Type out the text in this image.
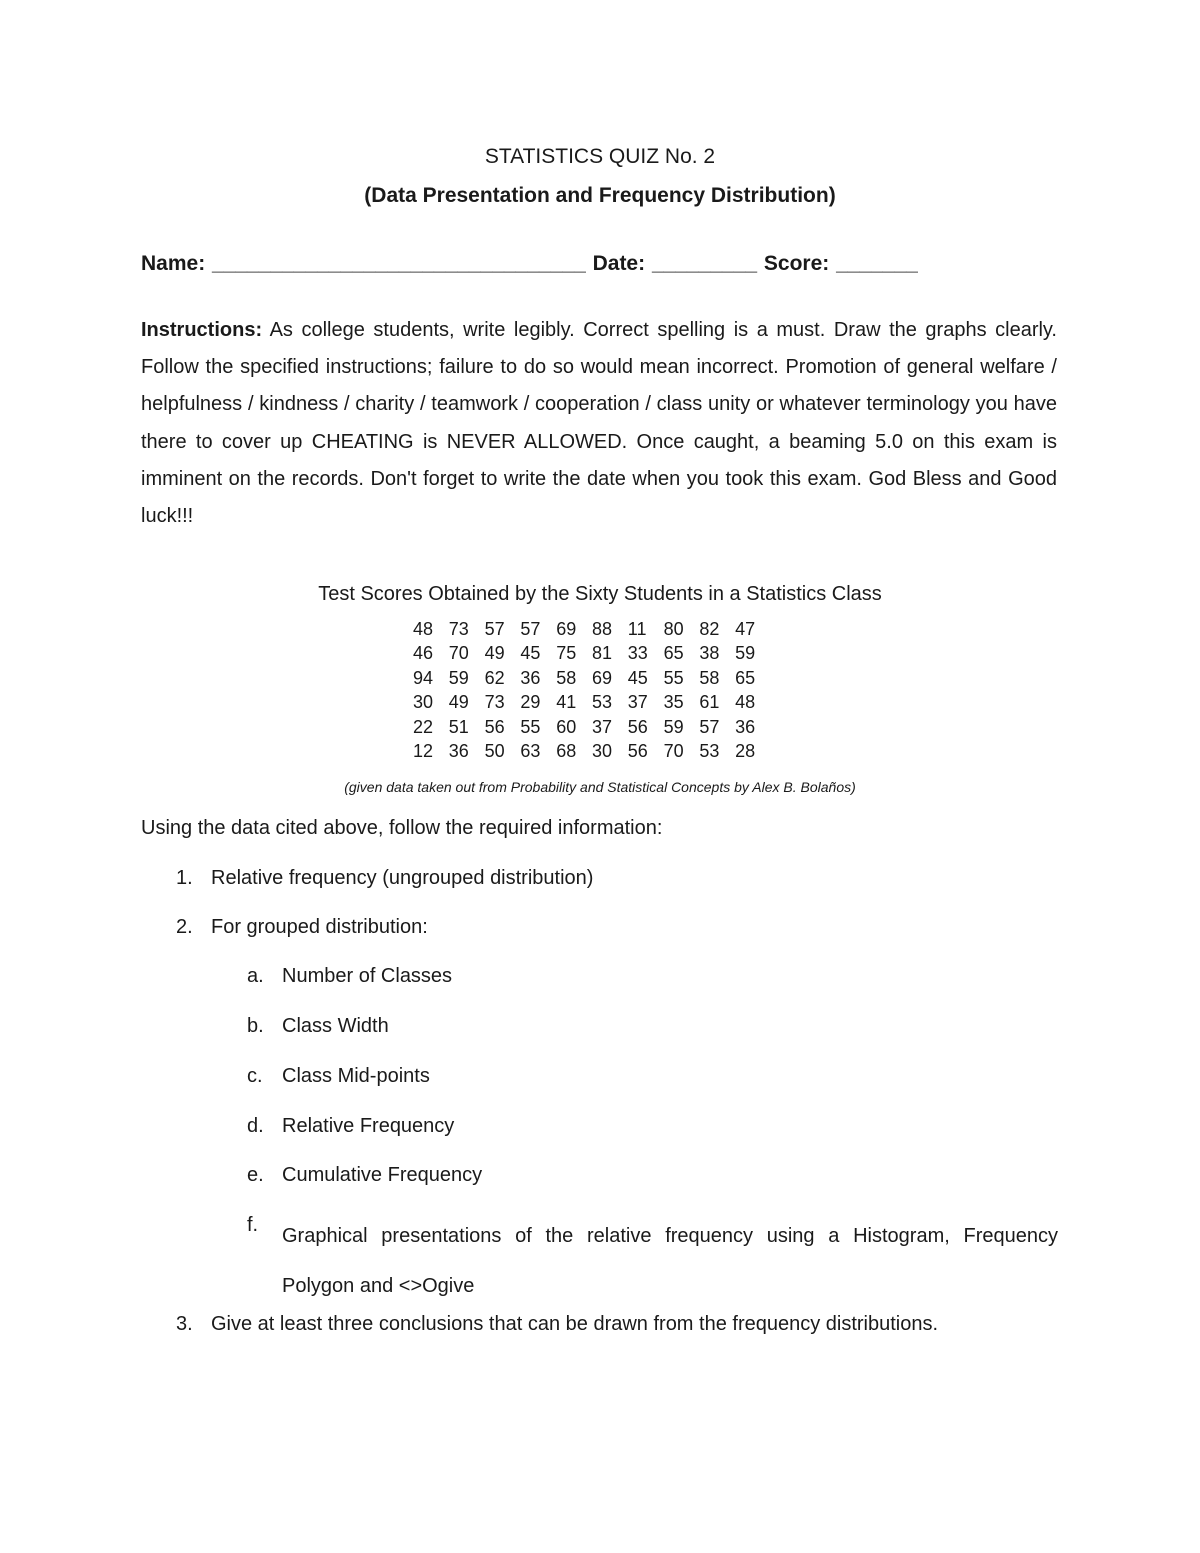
STATISTICS QUIZ No. 2
(Data Presentation and Frequency Distribution)
Name: ________________________________ Date: _________ Score: _______
Instructions: As college students, write legibly. Correct spelling is a must. Draw the graphs clearly. Follow the specified instructions; failure to do so would mean incorrect. Promotion of general welfare / helpfulness / kindness / charity / teamwork / cooperation / class unity or whatever terminology you have there to cover up CHEATING is NEVER ALLOWED. Once caught, a beaming 5.0 on this exam is imminent on the records. Don't forget to write the date when you took this exam. God Bless and Good luck!!!
Test Scores Obtained by the Sixty Students in a Statistics Class
48	73	57	57	69	88	11	80	82	47
46	70	49	45	75	81	33	65	38	59
94	59	62	36	58	69	45	55	58	65
30	49	73	29	41	53	37	35	61	48
22	51	56	55	60	37	56	59	57	36
12	36	50	63	68	30	56	70	53	28
(given data taken out from Probability and Statistical Concepts by Alex B. Bolaños)
Using the data cited above, follow the required information:
1. Relative frequency (ungrouped distribution)
2. For grouped distribution:
a. Number of Classes
b. Class Width
c. Class Mid-points
d. Relative Frequency
e. Cumulative Frequency
f. Graphical presentations of the relative frequency using a Histogram, Frequency Polygon and <>Ogive
3. Give at least three conclusions that can be drawn from the frequency distributions.
